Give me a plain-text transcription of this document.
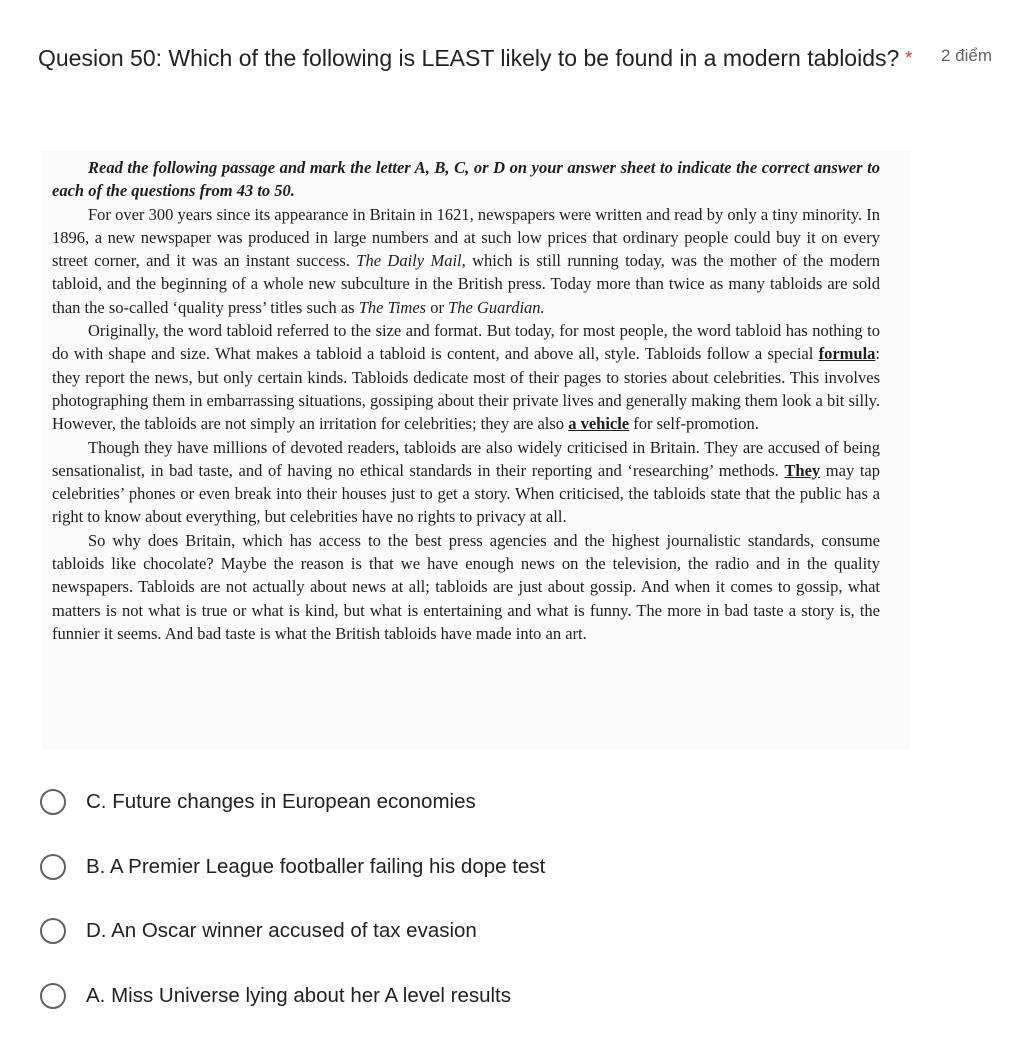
Quesion 50: Which of the following is LEAST likely to be found in a modern tabloids? *	2 điểm

Read the following passage and mark the letter A, B, C, or D on your answer sheet to indicate the correct answer to each of the questions from 43 to 50.

For over 300 years since its appearance in Britain in 1621, newspapers were written and read by only a tiny minority. In 1896, a new newspaper was produced in large numbers and at such low prices that ordinary people could buy it on every street corner, and it was an instant success. The Daily Mail, which is still running today, was the mother of the modern tabloid, and the beginning of a whole new subculture in the British press. Today more than twice as many tabloids are sold than the so-called ‘quality press’ titles such as The Times or The Guardian.

Originally, the word tabloid referred to the size and format. But today, for most people, the word tabloid has nothing to do with shape and size. What makes a tabloid a tabloid is content, and above all, style. Tabloids follow a special formula: they report the news, but only certain kinds. Tabloids dedicate most of their pages to stories about celebrities. This involves photographing them in embarrassing situations, gossiping about their private lives and generally making them look a bit silly. However, the tabloids are not simply an irritation for celebrities; they are also a vehicle for self-promotion.

Though they have millions of devoted readers, tabloids are also widely criticised in Britain. They are accused of being sensationalist, in bad taste, and of having no ethical standards in their reporting and ‘researching’ methods. They may tap celebrities’ phones or even break into their houses just to get a story. When criticised, the tabloids state that the public has a right to know about everything, but celebrities have no rights to privacy at all.

So why does Britain, which has access to the best press agencies and the highest journalistic standards, consume tabloids like chocolate? Maybe the reason is that we have enough news on the television, the radio and in the quality newspapers. Tabloids are not actually about news at all; tabloids are just about gossip. And when it comes to gossip, what matters is not what is true or what is kind, but what is entertaining and what is funny. The more in bad taste a story is, the funnier it seems. And bad taste is what the British tabloids have made into an art.

C. Future changes in European economies
B. A Premier League footballer failing his dope test
D. An Oscar winner accused of tax evasion
A. Miss Universe lying about her A level results
